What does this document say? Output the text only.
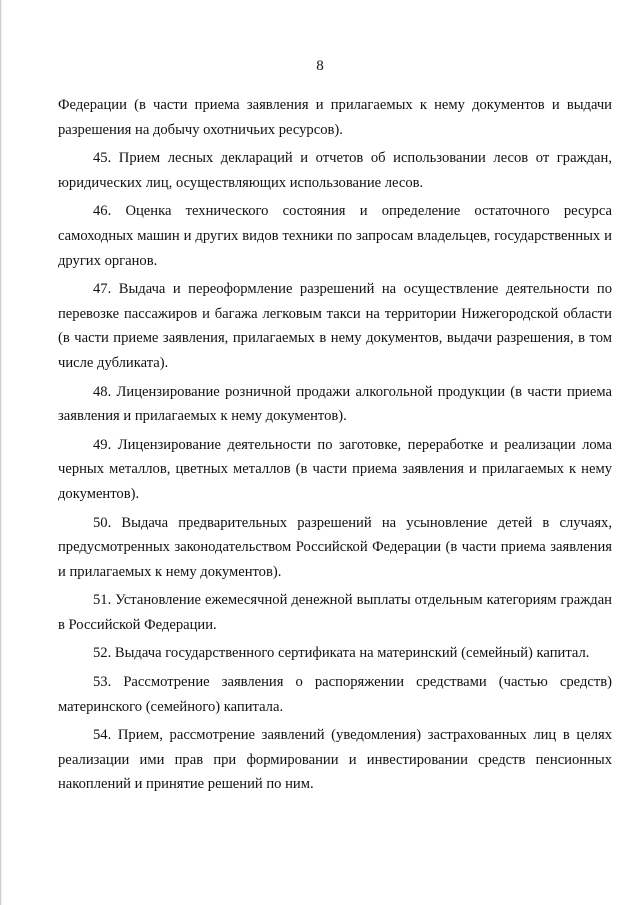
8

Федерации (в части приема заявления и прилагаемых к нему документов и выдачи разрешения на добычу охотничьих ресурсов).

45. Прием лесных деклараций и отчетов об использовании лесов от граждан, юридических лиц, осуществляющих использование лесов.

46. Оценка технического состояния и определение остаточного ресурса самоходных машин и других видов техники по запросам владельцев, государственных и других органов.

47. Выдача и переоформление разрешений на осуществление деятельности по перевозке пассажиров и багажа легковым такси на территории Нижегородской области (в части приеме заявления, прилагаемых в нему документов, выдачи разрешения, в том числе дубликата).

48. Лицензирование розничной продажи алкогольной продукции (в части приема заявления и прилагаемых к нему документов).

49. Лицензирование деятельности по заготовке, переработке и реализации лома черных металлов, цветных металлов (в части приема заявления и прилагаемых к нему документов).

50. Выдача предварительных разрешений на усыновление детей в случаях, предусмотренных законодательством Российской Федерации (в части приема заявления и прилагаемых к нему документов).

51. Установление ежемесячной денежной выплаты отдельным категориям граждан в Российской Федерации.

52. Выдача государственного сертификата на материнский (семейный) капитал.

53. Рассмотрение заявления о распоряжении средствами (частью средств) материнского (семейного) капитала.

54. Прием, рассмотрение заявлений (уведомления) застрахованных лиц в целях реализации ими прав при формировании и инвестировании средств пенсионных накоплений и принятие решений по ним.
